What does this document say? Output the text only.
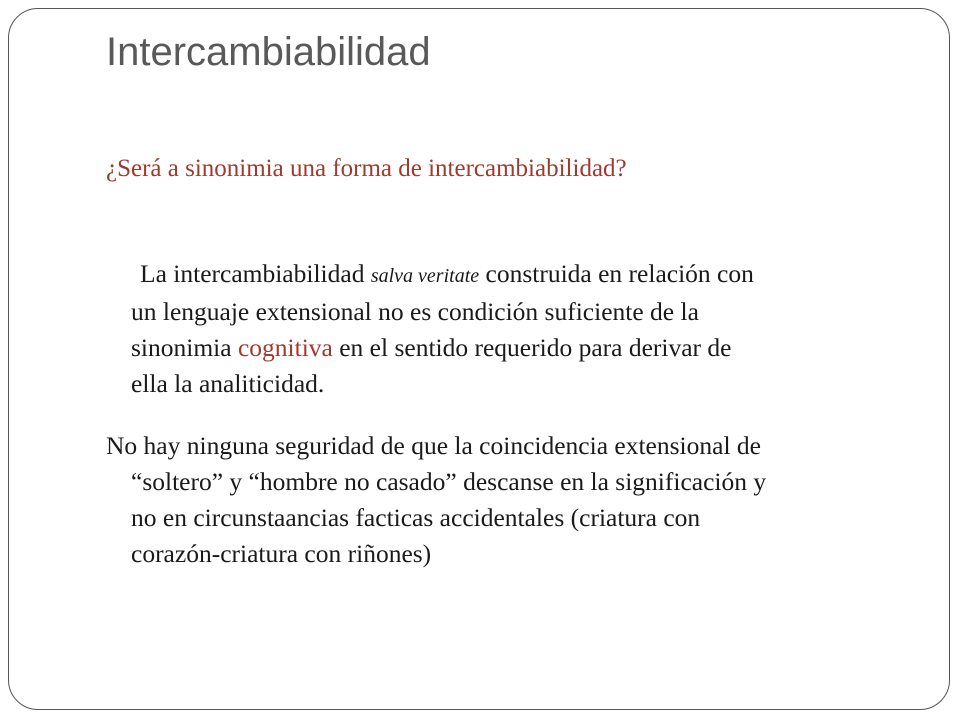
Intercambiabilidad

¿Será a sinonimia una forma de intercambiabilidad?

La intercambiabilidad salva veritate construida en relación con
un lenguaje extensional no es condición suficiente de la
sinonimia cognitiva en el sentido requerido para derivar de
ella la analiticidad.
No hay ninguna seguridad de que la coincidencia extensional de
“soltero” y “hombre no casado” descanse en la significación y
no en circunstaancias facticas accidentales (criatura con
corazón-criatura con riñones)
